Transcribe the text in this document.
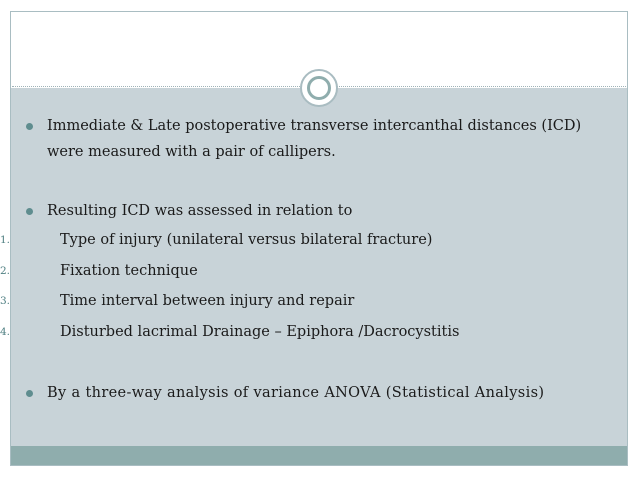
Immediate & Late postoperative transverse intercanthal distances (ICD)
were measured with a pair of callipers.
Resulting ICD was assessed in relation to
1.	Type of injury (unilateral versus bilateral fracture)
2.	Fixation technique
3.	Time interval between injury and repair
4.	Disturbed lacrimal Drainage – Epiphora /Dacrocystitis
By a three-way analysis of variance ANOVA (Statistical Analysis)
